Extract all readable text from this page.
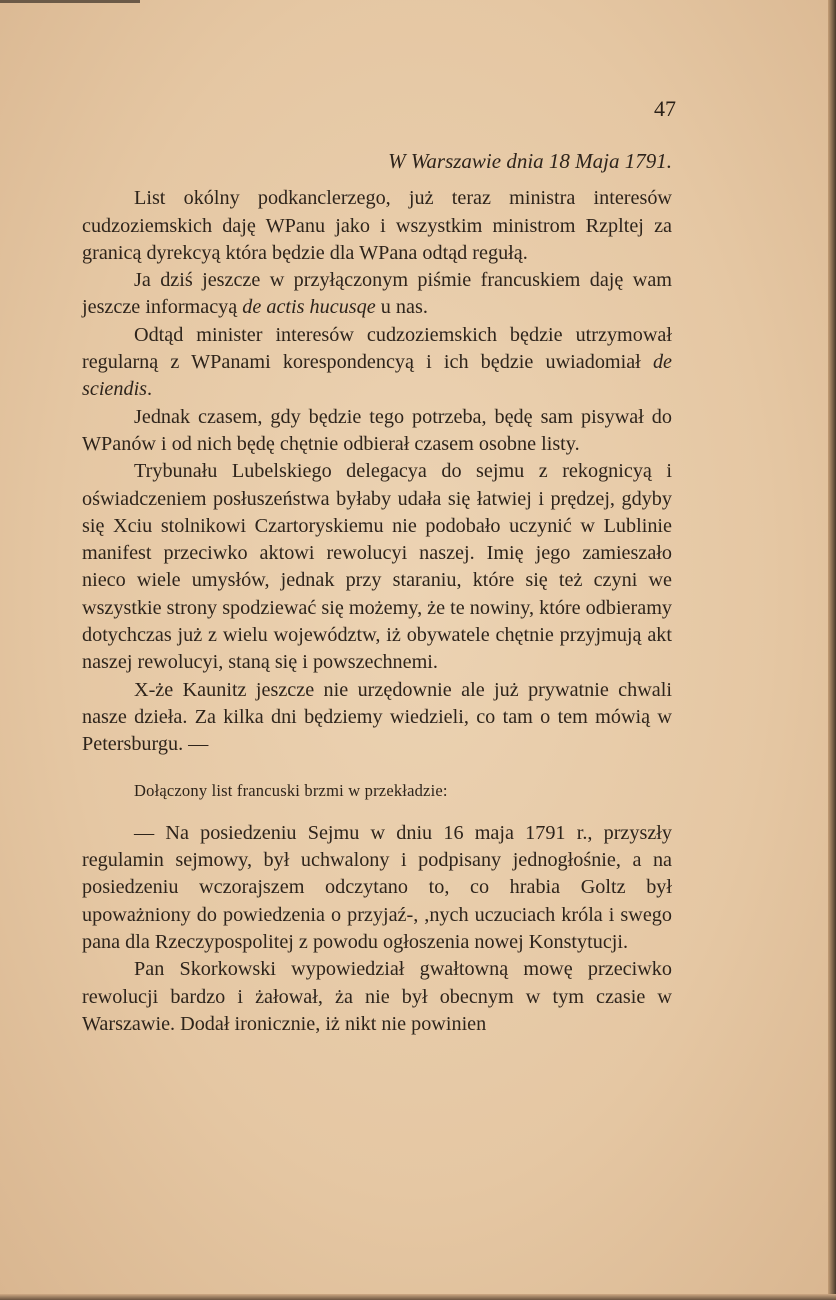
47

W Warszawie dnia 18 Maja 1791.

List okólny podkanclerzego, już teraz ministra interesów cudzoziemskich daję WPanu jako i wszystkim ministrom Rzpltej za granicą dyrekcyą która będzie dla WPana odtąd regułą.

Ja dziś jeszcze w przyłączonym piśmie francuskiem daję wam jeszcze informacyą de actis hucusqe u nas.

Odtąd minister interesów cudzoziemskich będzie utrzymował regularną z WPanami korespondencyą i ich będzie uwiadomiał de sciendis.

Jednak czasem, gdy będzie tego potrzeba, będę sam pisywał do WPanów i od nich będę chętnie odbierał czasem osobne listy.

Trybunału Lubelskiego delegacya do sejmu z rekognicyą i oświadczeniem posłuszeństwa byłaby udała się łatwiej i prędzej, gdyby się Xciu stolnikowi Czartoryskiemu nie podobało uczynić w Lublinie manifest przeciwko aktowi rewolucyi naszej. Imię jego zamieszało nieco wiele umysłów, jednak przy staraniu, które się też czyni we wszystkie strony spodziewać się możemy, że te nowiny, które odbieramy dotychczas już z wielu województw, iż obywatele chętnie przyjmują akt naszej rewolucyi, staną się i powszechnemi.

X-że Kaunitz jeszcze nie urzędownie ale już prywatnie chwali nasze dzieła. Za kilka dni będziemy wiedzieli, co tam o tem mówią w Petersburgu. —

Dołączony list francuski brzmi w przekładzie:

— Na posiedzeniu Sejmu w dniu 16 maja 1791 r., przyszły regulamin sejmowy, był uchwalony i podpisany jednogłośnie, a na posiedzeniu wczorajszem odczytano to, co hrabia Goltz był upoważniony do powiedzenia o przyjaź-, ,nych uczuciach króla i swego pana dla Rzeczypospolitej z powodu ogłoszenia nowej Konstytucji.

Pan Skorkowski wypowiedział gwałtowną mowę przeciwko rewolucji bardzo i żałował, ża nie był obecnym w tym czasie w Warszawie. Dodał ironicznie, iż nikt nie powinien
